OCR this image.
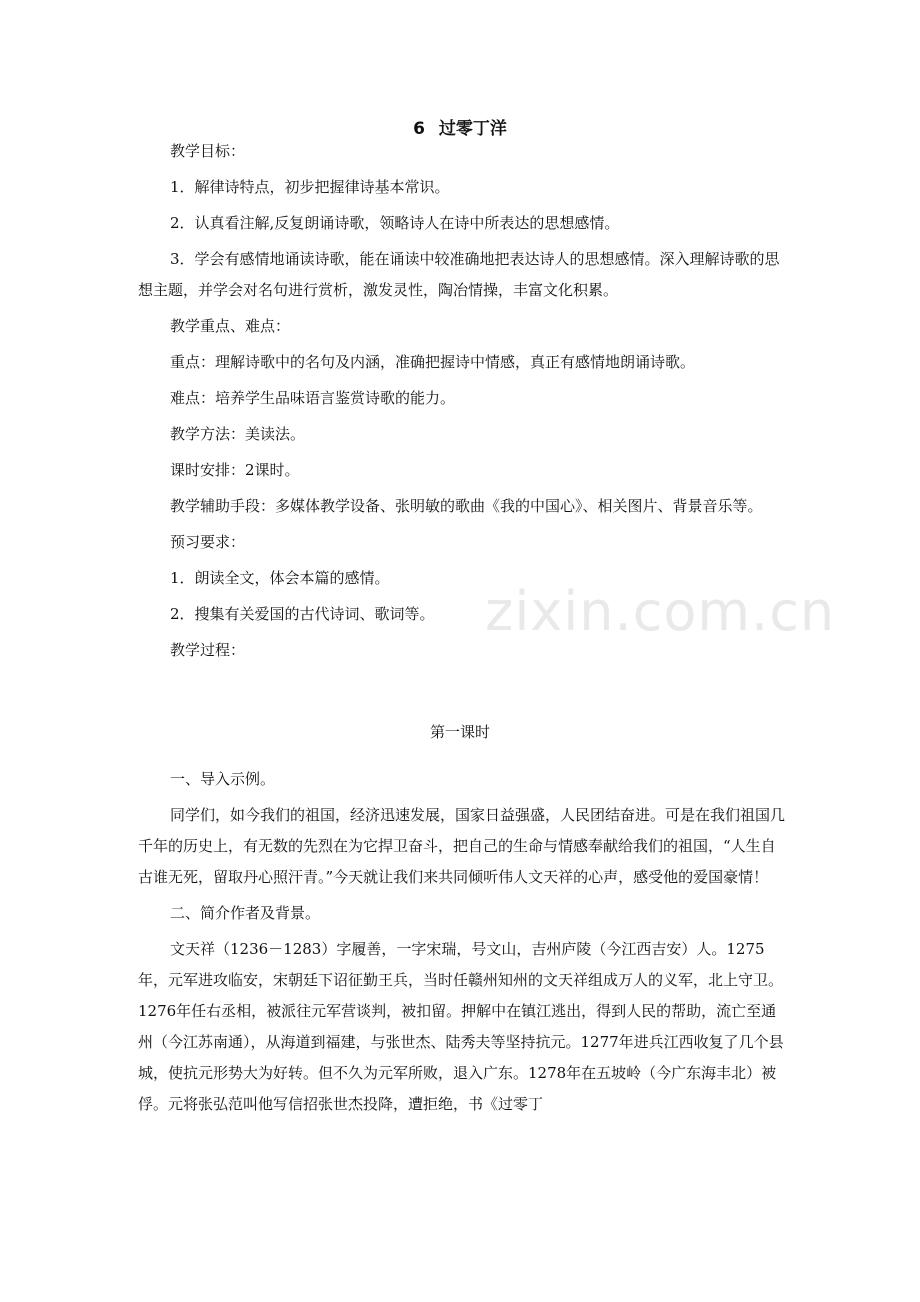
6 过零丁洋

教学目标：

1．解律诗特点，初步把握律诗基本常识。

2．认真看注解,反复朗诵诗歌，领略诗人在诗中所表达的思想感情。

3．学会有感情地诵读诗歌，能在诵读中较准确地把表达诗人的思想感情。深入理解诗歌的思想主题，并学会对名句进行赏析，激发灵性，陶冶情操，丰富文化积累。

教学重点、难点：

重点：理解诗歌中的名句及内涵，准确把握诗中情感，真正有感情地朗诵诗歌。

难点：培养学生品味语言鉴赏诗歌的能力。

教学方法：美读法。

课时安排：2课时。

教学辅助手段：多媒体教学设备、张明敏的歌曲《我的中国心》、相关图片、背景音乐等。

预习要求：

1．朗读全文，体会本篇的感情。

2．搜集有关爱国的古代诗词、歌词等。

教学过程：

第一课时

一、导入示例。

同学们，如今我们的祖国，经济迅速发展，国家日益强盛，人民团结奋进。可是在我们祖国几千年的历史上，有无数的先烈在为它捍卫奋斗，把自己的生命与情感奉献给我们的祖国，“人生自古谁无死，留取丹心照汗青。”今天就让我们来共同倾听伟人文天祥的心声，感受他的爱国豪情！

二、简介作者及背景。

文天祥（1236－1283）字履善，一字宋瑞，号文山，吉州庐陵（今江西吉安）人。1275年，元军进攻临安，宋朝廷下诏征勤王兵，当时任赣州知州的文天祥组成万人的义军，北上守卫。1276年任右丞相，被派往元军营谈判，被扣留。押解中在镇江逃出，得到人民的帮助，流亡至通州（今江苏南通），从海道到福建，与张世杰、陆秀夫等坚持抗元。1277年进兵江西收复了几个县城，使抗元形势大为好转。但不久为元军所败，退入广东。1278年在五坡岭（今广东海丰北）被俘。元将张弘范叫他写信招张世杰投降，遭拒绝，书《过零丁

zixin.com.cn
